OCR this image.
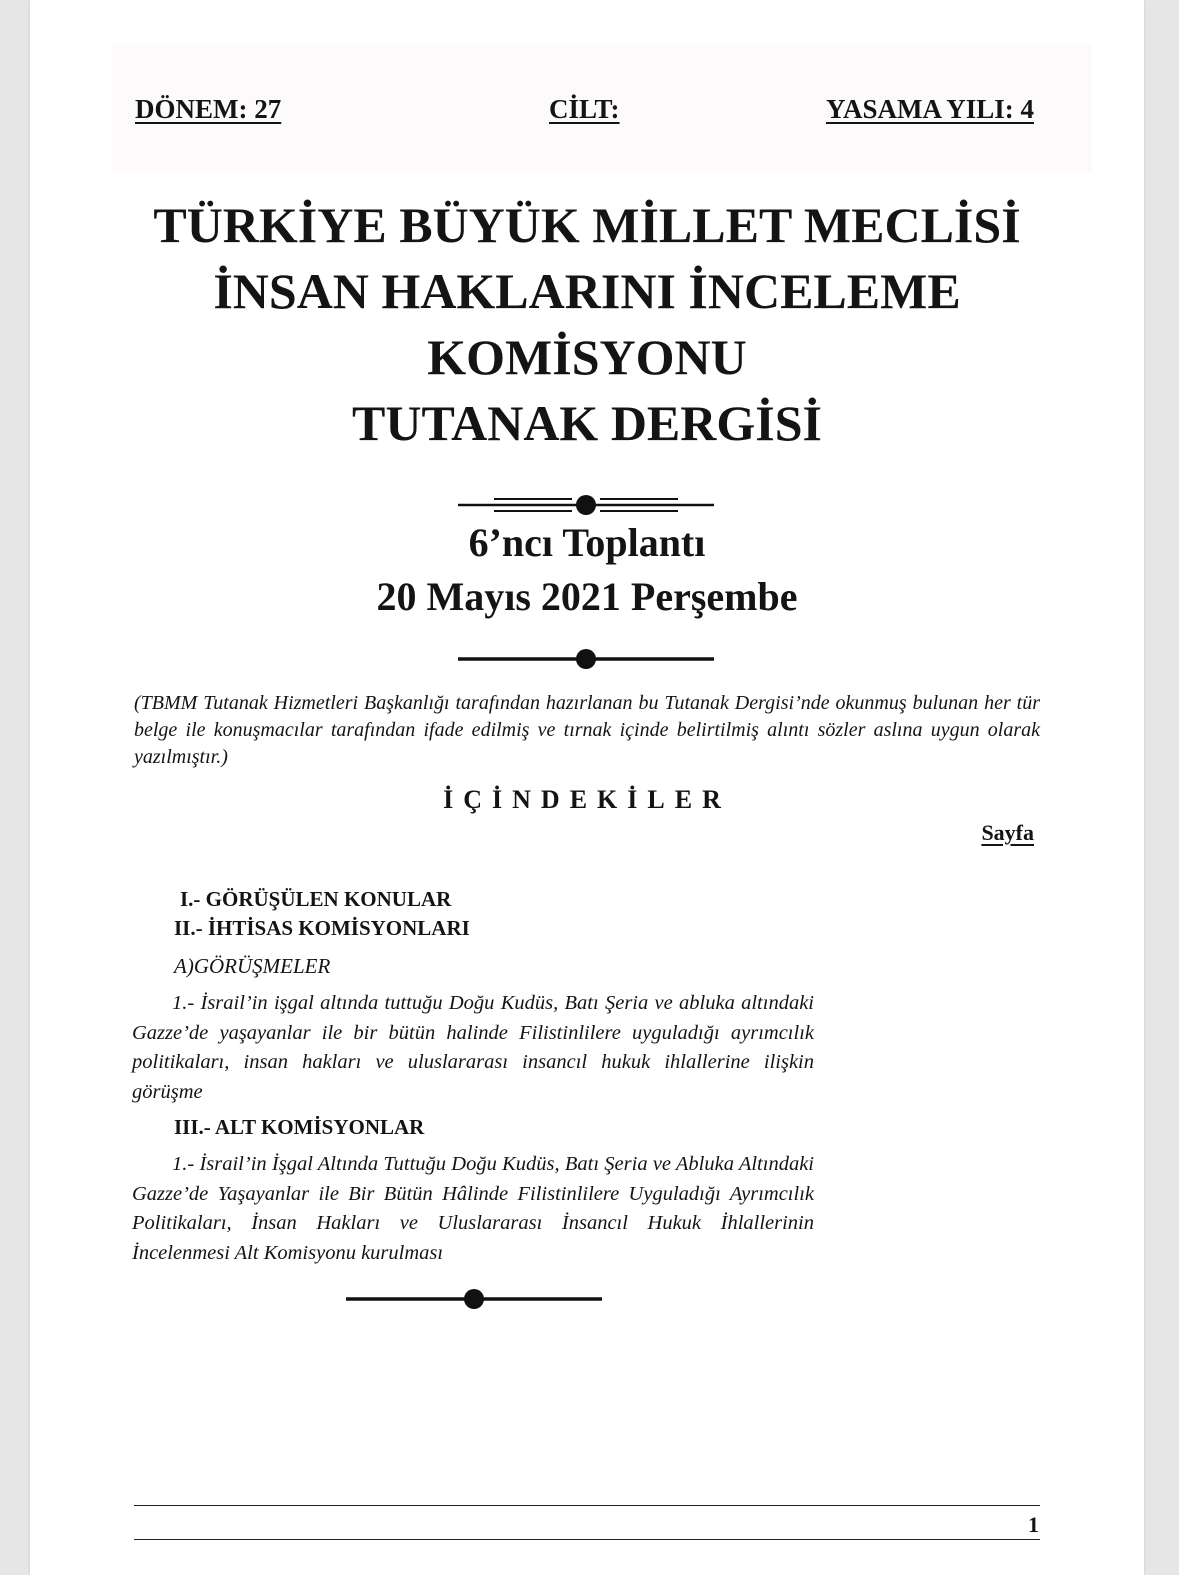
DÖNEM: 27	CİLT:	YASAMA YILI: 4
TÜRKİYE BÜYÜK MİLLET MECLİSİ
İNSAN HAKLARINI İNCELEME
KOMİSYONU
TUTANAK DERGİSİ
6’ncı Toplantı
20 Mayıs 2021 Perşembe
(TBMM Tutanak Hizmetleri Başkanlığı tarafından hazırlanan bu Tutanak Dergisi’nde okunmuş bulunan her tür belge ile konuşmacılar tarafından ifade edilmiş ve tırnak içinde belirtilmiş alıntı sözler aslına uygun olarak yazılmıştır.)
İÇİNDEKİLER
Sayfa
I.- GÖRÜŞÜLEN KONULAR
II.- İHTİSAS KOMİSYONLARI
A)GÖRÜŞMELER
1.- İsrail’in işgal altında tuttuğu Doğu Kudüs, Batı Şeria ve abluka altındaki Gazze’de yaşayanlar ile bir bütün halinde Filistinlilere uyguladığı ayrımcılık politikaları, insan hakları ve uluslararası insancıl hukuk ihlallerine ilişkin görüşme
III.- ALT KOMİSYONLAR
1.- İsrail’in İşgal Altında Tuttuğu Doğu Kudüs, Batı Şeria ve Abluka Altındaki Gazze’de Yaşayanlar ile Bir Bütün Hâlinde Filistinlilere Uyguladığı Ayrımcılık Politikaları, İnsan Hakları ve Uluslararası İnsancıl Hukuk İhlallerinin İncelenmesi Alt Komisyonu kurulması
1
